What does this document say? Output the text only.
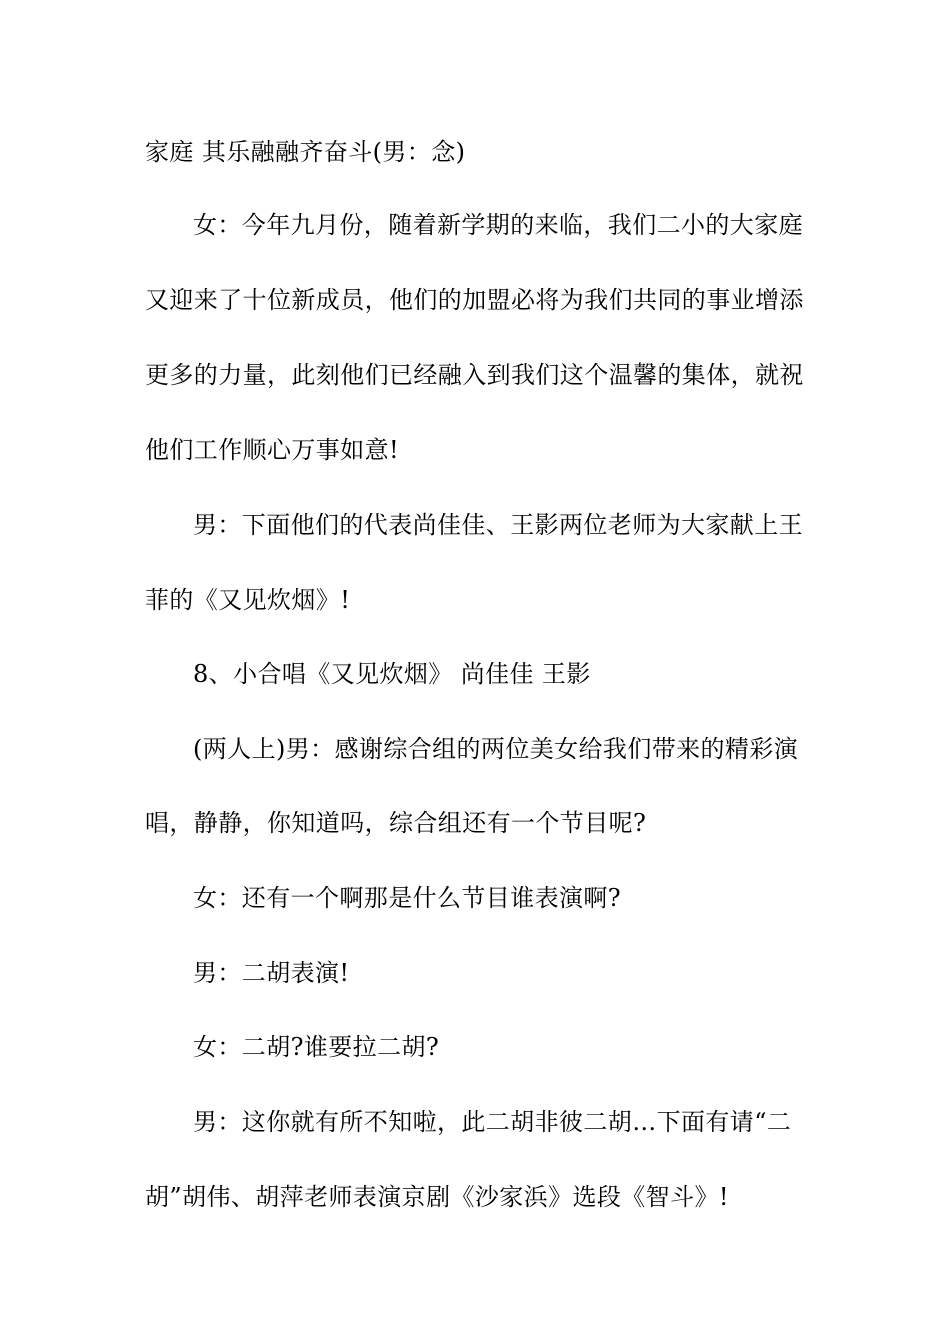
家庭 其乐融融齐奋斗(男：念)
女：今年九月份，随着新学期的来临，我们二小的大家庭
又迎来了十位新成员，他们的加盟必将为我们共同的事业增添
更多的力量，此刻他们已经融入到我们这个温馨的集体，就祝
他们工作顺心万事如意!
男：下面他们的代表尚佳佳、王影两位老师为大家献上王
菲的《又见炊烟》!
8、小合唱《又见炊烟》 尚佳佳 王影
(两人上)男：感谢综合组的两位美女给我们带来的精彩演
唱，静静，你知道吗，综合组还有一个节目呢?
女：还有一个啊那是什么节目谁表演啊?
男：二胡表演!
女：二胡?谁要拉二胡?
男：这你就有所不知啦，此二胡非彼二胡…下面有请“二
胡”胡伟、胡萍老师表演京剧《沙家浜》选段《智斗》!
